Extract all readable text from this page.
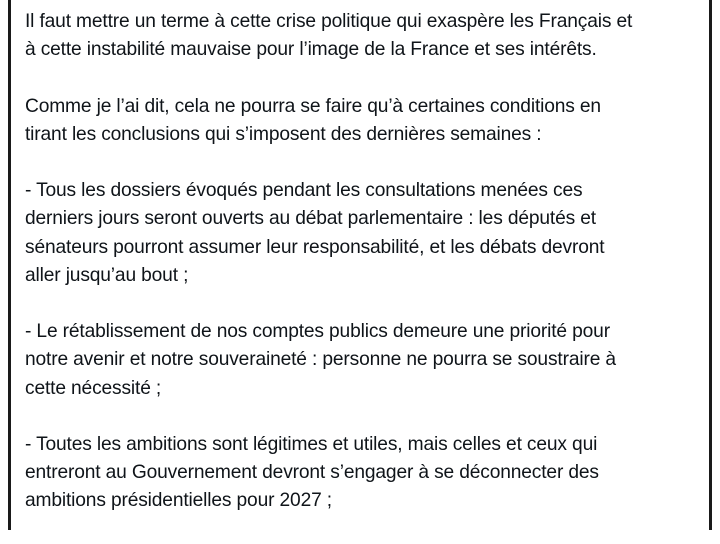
Il faut mettre un terme à cette crise politique qui exaspère les Français et
à cette instabilité mauvaise pour l’image de la France et ses intérêts.

Comme je l’ai dit, cela ne pourra se faire qu’à certaines conditions en
tirant les conclusions qui s’imposent des dernières semaines :

- Tous les dossiers évoqués pendant les consultations menées ces
derniers jours seront ouverts au débat parlementaire : les députés et
sénateurs pourront assumer leur responsabilité, et les débats devront
aller jusqu’au bout ;

- Le rétablissement de nos comptes publics demeure une priorité pour
notre avenir et notre souveraineté : personne ne pourra se soustraire à
cette nécessité ;

- Toutes les ambitions sont légitimes et utiles, mais celles et ceux qui
entreront au Gouvernement devront s’engager à se déconnecter des
ambitions présidentielles pour 2027 ;
